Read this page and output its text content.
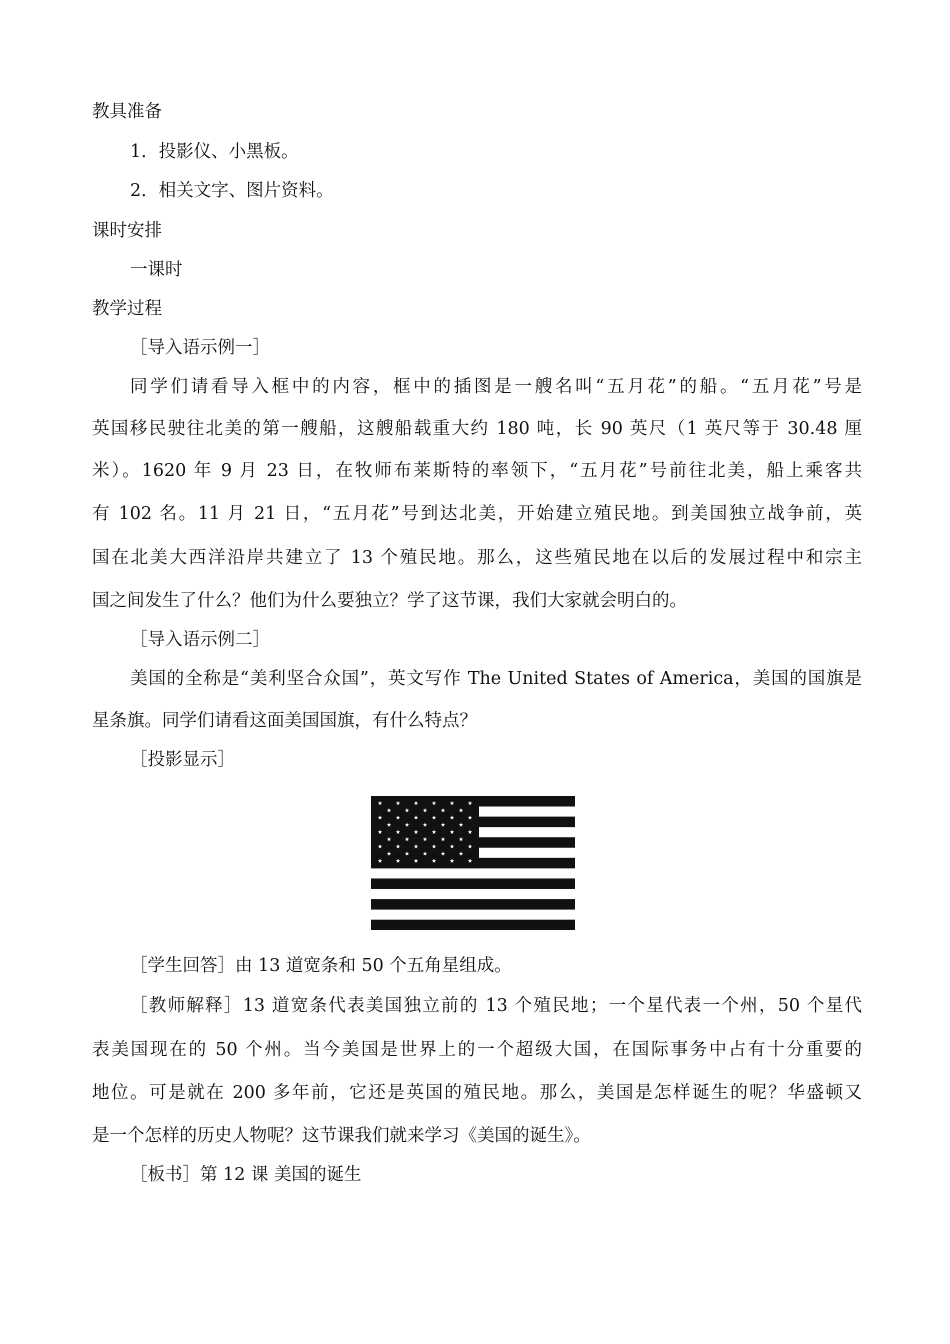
教具准备
1．投影仪、小黑板。
2．相关文字、图片资料。
课时安排
一课时
教学过程
［导入语示例一］
同学们请看导入框中的内容，框中的插图是一艘名叫“五月花”的船。“五月花”号是
英国移民驶往北美的第一艘船，这艘船载重大约 180 吨，长 90 英尺（1 英尺等于 30.48 厘
米）。1620 年 9 月 23 日，在牧师布莱斯特的率领下，“五月花”号前往北美，船上乘客共
有 102 名。11 月 21 日，“五月花”号到达北美，开始建立殖民地。到美国独立战争前，英
国在北美大西洋沿岸共建立了 13 个殖民地。那么，这些殖民地在以后的发展过程中和宗主
国之间发生了什么？他们为什么要独立？学了这节课，我们大家就会明白的。
［导入语示例二］
美国的全称是“美利坚合众国”，英文写作 The United States of America，美国的国旗是
星条旗。同学们请看这面美国国旗，有什么特点？
［投影显示］
［学生回答］由 13 道宽条和 50 个五角星组成。
［教师解释］13 道宽条代表美国独立前的 13 个殖民地；一个星代表一个州，50 个星代
表美国现在的 50 个州。当今美国是世界上的一个超级大国，在国际事务中占有十分重要的
地位。可是就在 200 多年前，它还是英国的殖民地。那么，美国是怎样诞生的呢？华盛顿又
是一个怎样的历史人物呢？这节课我们就来学习《美国的诞生》。
［板书］第 12 课 美国的诞生
